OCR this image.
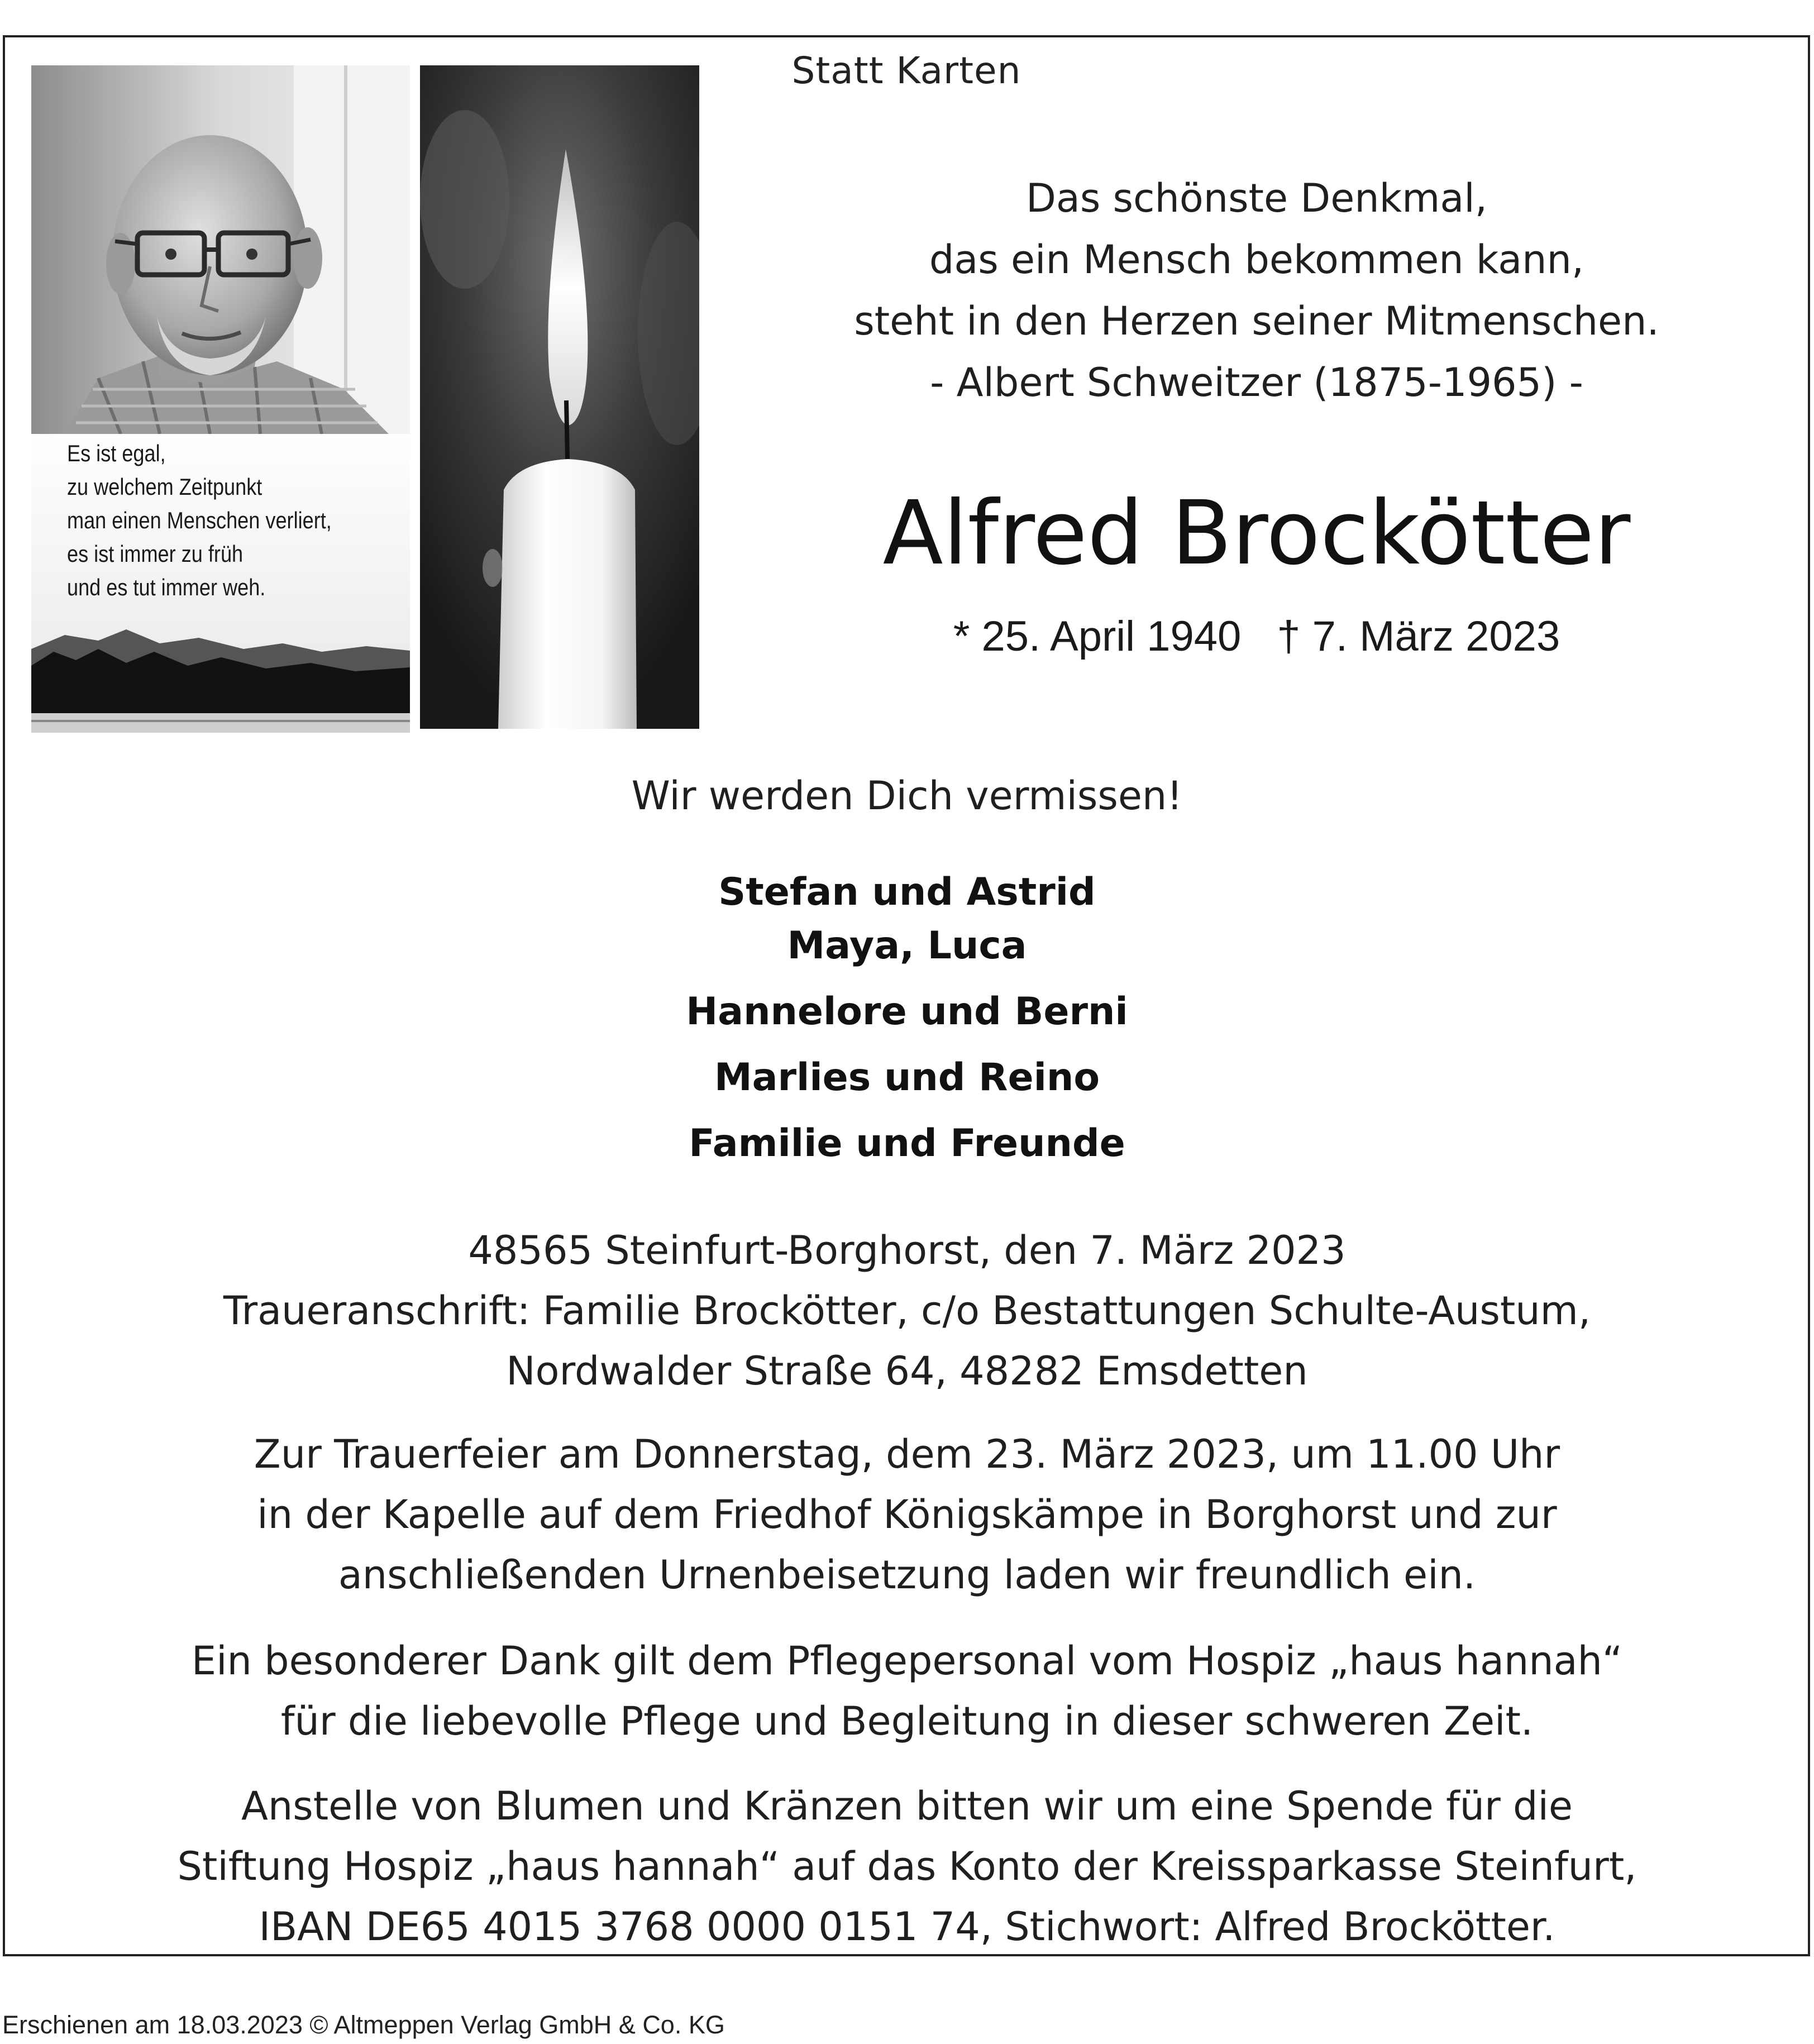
Statt Karten
Es ist egal,
zu welchem Zeitpunkt
man einen Menschen verliert,
es ist immer zu früh
und es tut immer weh.
Das schönste Denkmal,
das ein Mensch bekommen kann,
steht in den Herzen seiner Mitmenschen.
- Albert Schweitzer (1875-1965) -
Alfred Brockötter
* 25. April 1940 † 7. März 2023
Wir werden Dich vermissen!
Stefan und Astrid
Maya, Luca
Hannelore und Berni
Marlies und Reino
Familie und Freunde
48565 Steinfurt-Borghorst, den 7. März 2023
Traueranschrift: Familie Brockötter, c/o Bestattungen Schulte-Austum,
Nordwalder Straße 64, 48282 Emsdetten
Zur Trauerfeier am Donnerstag, dem 23. März 2023, um 11.00 Uhr
in der Kapelle auf dem Friedhof Königskämpe in Borghorst und zur
anschließenden Urnenbeisetzung laden wir freundlich ein.
Ein besonderer Dank gilt dem Pflegepersonal vom Hospiz „haus hannah“
für die liebevolle Pflege und Begleitung in dieser schweren Zeit.
Anstelle von Blumen und Kränzen bitten wir um eine Spende für die
Stiftung Hospiz „haus hannah“ auf das Konto der Kreissparkasse Steinfurt,
IBAN DE65 4015 3768 0000 0151 74, Stichwort: Alfred Brockötter.
Erschienen am 18.03.2023 © Altmeppen Verlag GmbH & Co. KG
